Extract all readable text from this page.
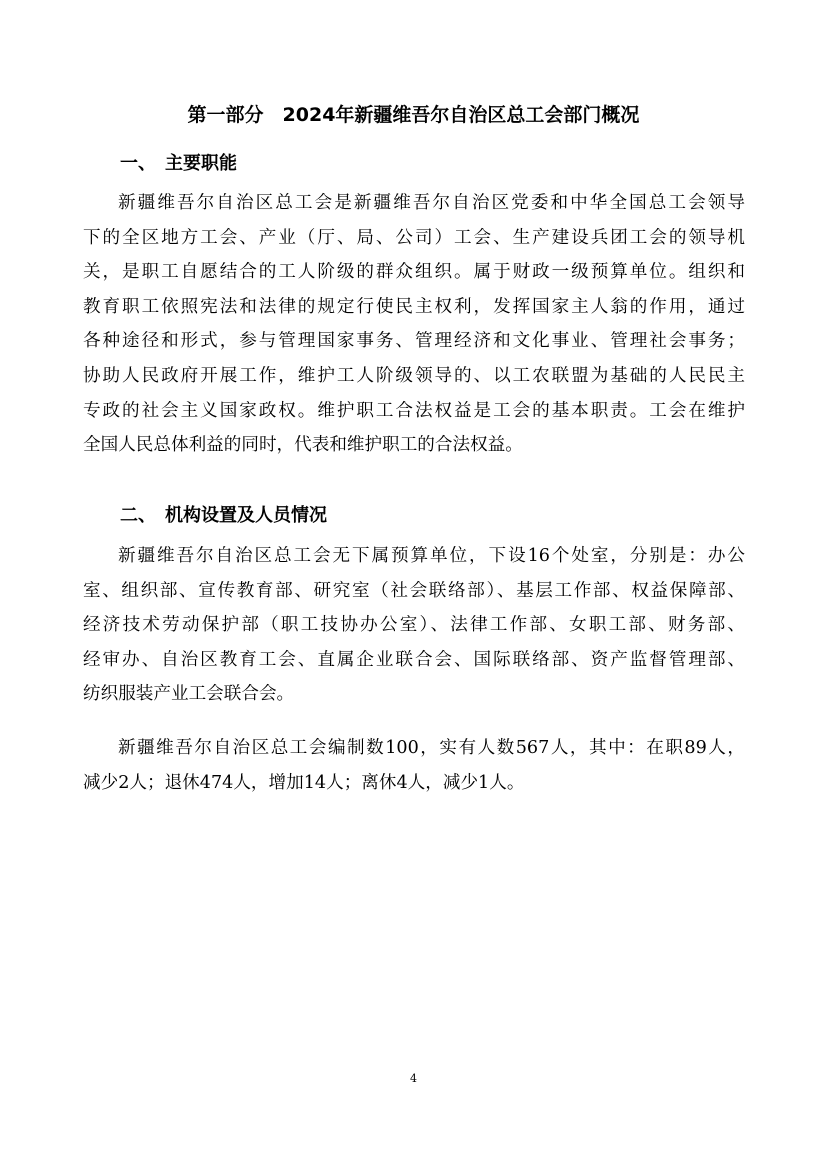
第一部分　2024年新疆维吾尔自治区总工会部门概况
一、　主要职能
新疆维吾尔自治区总工会是新疆维吾尔自治区党委和中华全国总工会领导
下的全区地方工会、产业（厅、局、公司）工会、生产建设兵团工会的领导机
关，是职工自愿结合的工人阶级的群众组织。属于财政一级预算单位。组织和
教育职工依照宪法和法律的规定行使民主权利，发挥国家主人翁的作用，通过
各种途径和形式，参与管理国家事务、管理经济和文化事业、管理社会事务；
协助人民政府开展工作，维护工人阶级领导的、以工农联盟为基础的人民民主
专政的社会主义国家政权。维护职工合法权益是工会的基本职责。工会在维护
全国人民总体利益的同时，代表和维护职工的合法权益。
二、　机构设置及人员情况
新疆维吾尔自治区总工会无下属预算单位，下设16个处室，分别是：办公
室、组织部、宣传教育部、研究室（社会联络部）、基层工作部、权益保障部、
经济技术劳动保护部（职工技协办公室）、法律工作部、女职工部、财务部、
经审办、自治区教育工会、直属企业联合会、国际联络部、资产监督管理部、
纺织服装产业工会联合会。
新疆维吾尔自治区总工会编制数100，实有人数567人，其中：在职89人，
减少2人；退休474人，增加14人；离休4人，减少1人。
4
